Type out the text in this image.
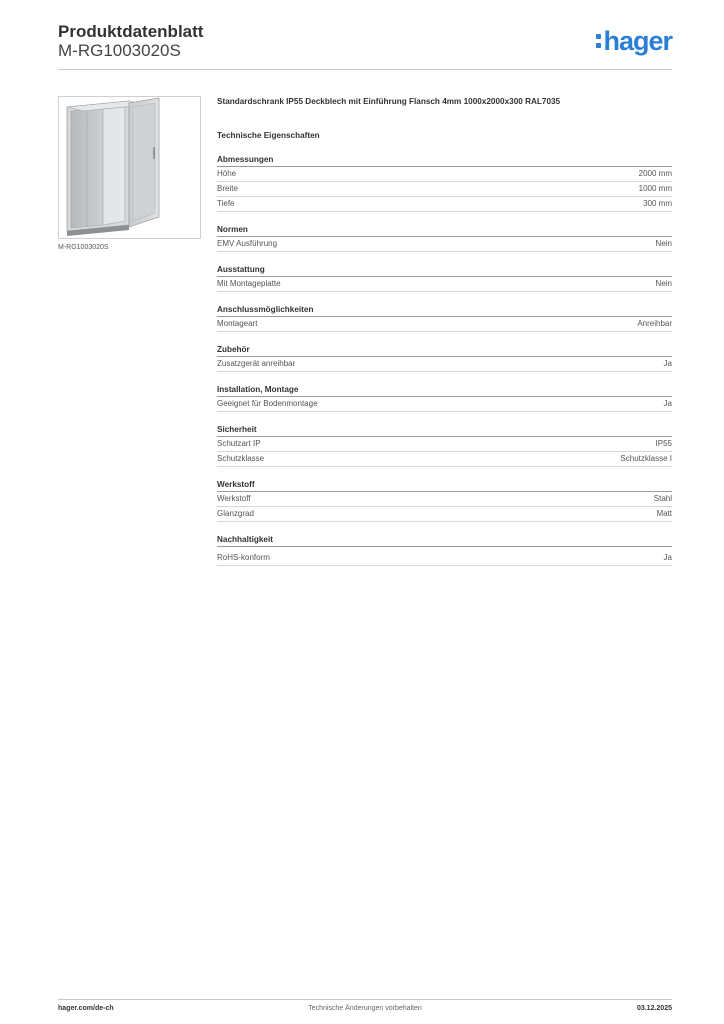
Produktdatenblatt
M-RG1003020S	hager
M-RG1003020S
Standardschrank IP55 Deckblech mit Einführung Flansch 4mm 1000x2000x300 RAL7035
Technische Eigenschaften
Abmessungen
Höhe	2000 mm
Breite	1000 mm
Tiefe	300 mm
Normen
EMV Ausführung	Nein
Ausstattung
Mit Montageplatte	Nein
Anschlussmöglichkeiten
Montageart	Anreihbar
Zubehör
Zusatzgerät anreihbar	Ja
Installation, Montage
Geeignet für Bodenmontage	Ja
Sicherheit
Schutzart IP	IP55
Schutzklasse	Schutzklasse I
Werkstoff
Werkstoff	Stahl
Glanzgrad	Matt
Nachhaltigkeit
RoHS-konform	Ja
hager.com/de-ch	Technische Änderungen vorbehalten	03.12.2025
